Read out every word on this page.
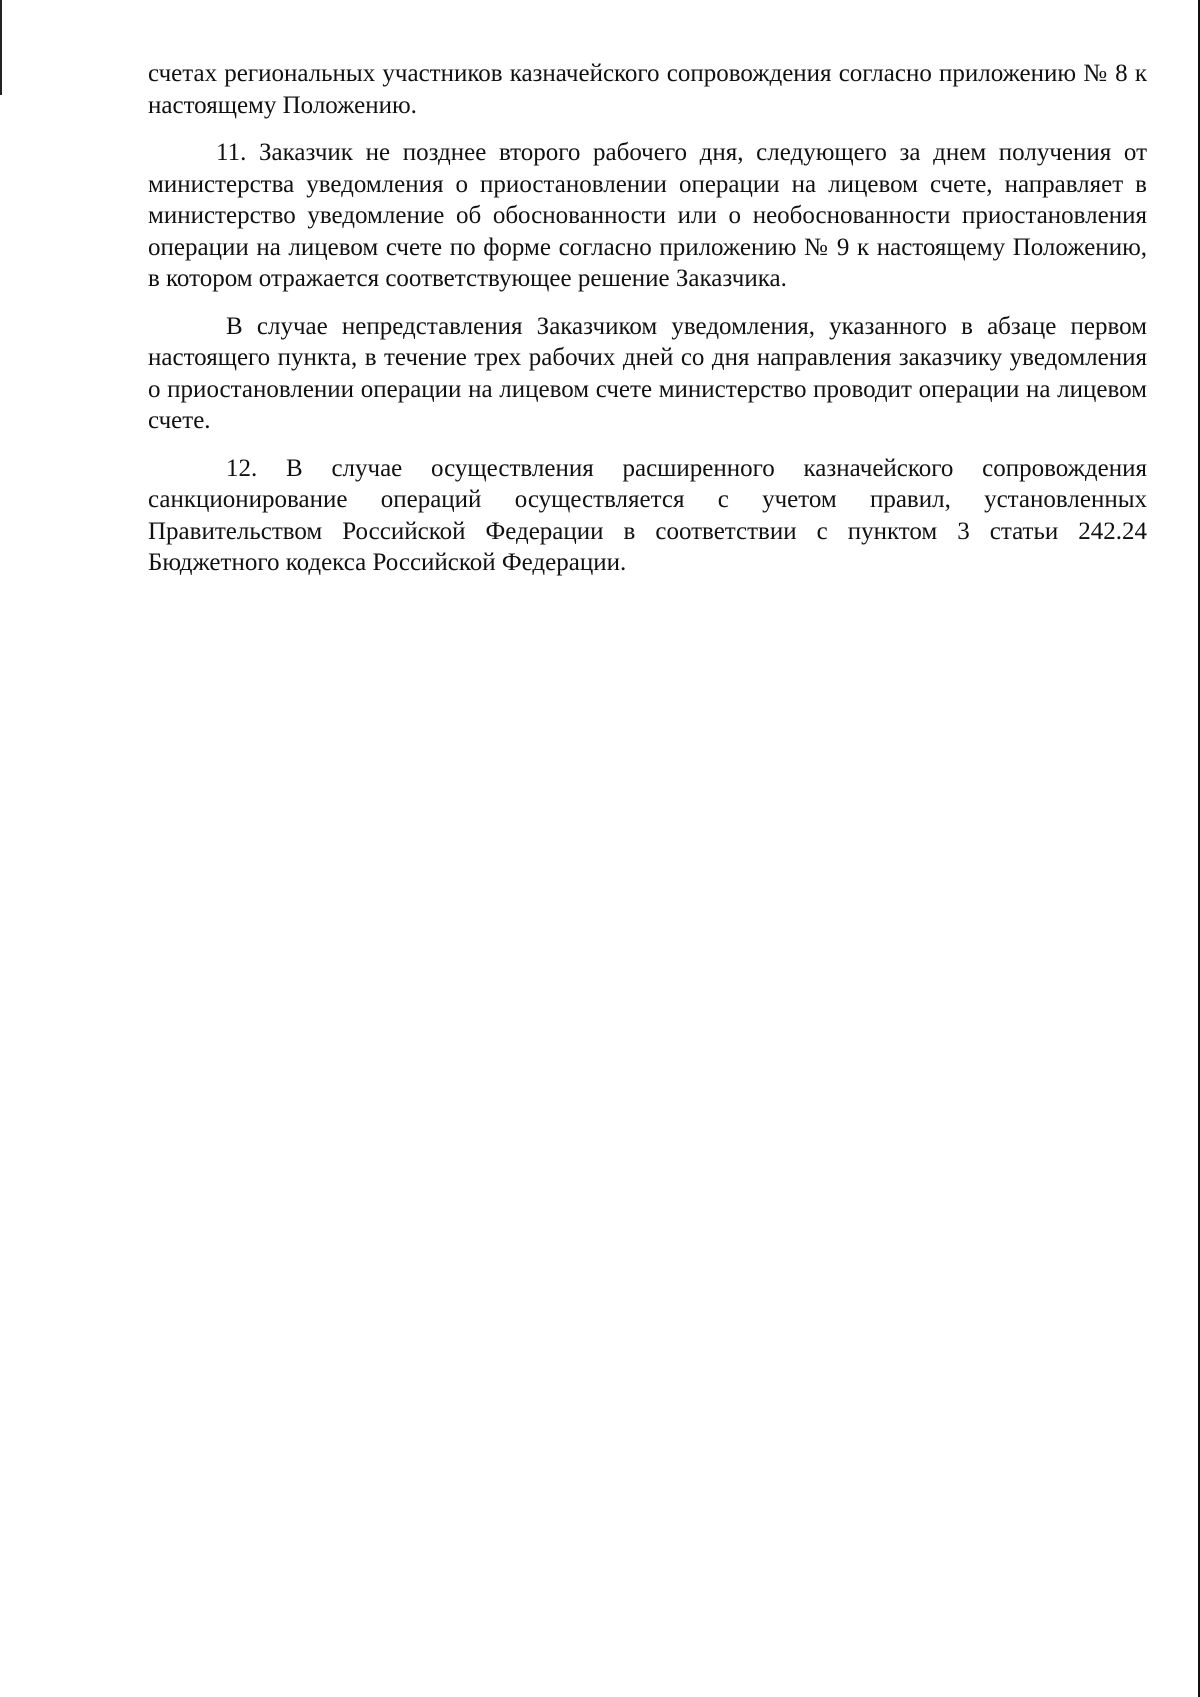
счетах региональных участников казначейского сопровождения согласно приложению № 8 к настоящему Положению.

11. Заказчик не позднее второго рабочего дня, следующего за днем получения от министерства уведомления о приостановлении операции на лицевом счете, направляет в министерство уведомление об обоснованности или о необоснованности приостановления операции на лицевом счете по форме согласно приложению № 9 к настоящему Положению, в котором отражается соответствующее решение Заказчика.

В случае непредставления Заказчиком уведомления, указанного в абзаце первом настоящего пункта, в течение трех рабочих дней со дня направления заказчику уведомления о приостановлении операции на лицевом счете министерство проводит операции на лицевом счете.

12. В случае осуществления расширенного казначейского сопровождения санкционирование операций осуществляется с учетом правил, установленных Правительством Российской Федерации в соответствии с пунктом 3 статьи 242.24 Бюджетного кодекса Российской Федерации.
